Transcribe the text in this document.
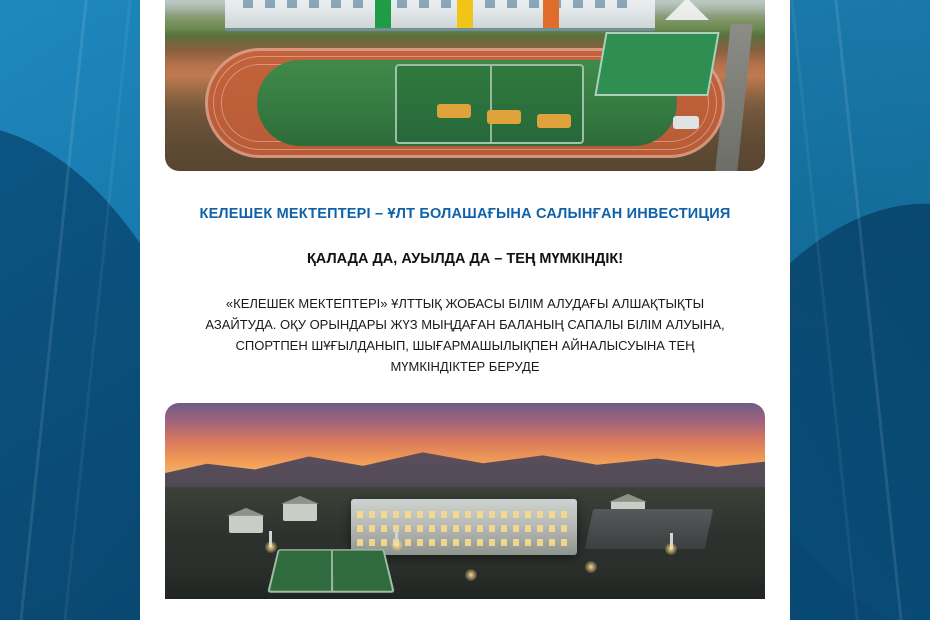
КЕЛЕШЕК МЕКТЕПТЕРІ – ҰЛТ БОЛАШАҒЫНА САЛЫНҒАН ИНВЕСТИЦИЯ
ҚАЛАДА ДА, АУЫЛДА ДА – ТЕҢ МҮМКІНДІК!

«КЕЛЕШЕК МЕКТЕПТЕРІ» ҰЛТТЫҚ ЖОБАСЫ БІЛІМ АЛУДАҒЫ АЛШАҚТЫҚТЫ АЗАЙТУДА. ОҚУ ОРЫНДАРЫ ЖҮЗ МЫҢДАҒАН БАЛАНЫҢ САПАЛЫ БІЛІМ АЛУЫНА, СПОРТПЕН ШҰҒЫЛДАНЫП, ШЫҒАРМАШЫЛЫҚПЕН АЙНАЛЫСУЫНА ТЕҢ МҮМКІНДІКТЕР БЕРУДЕ
